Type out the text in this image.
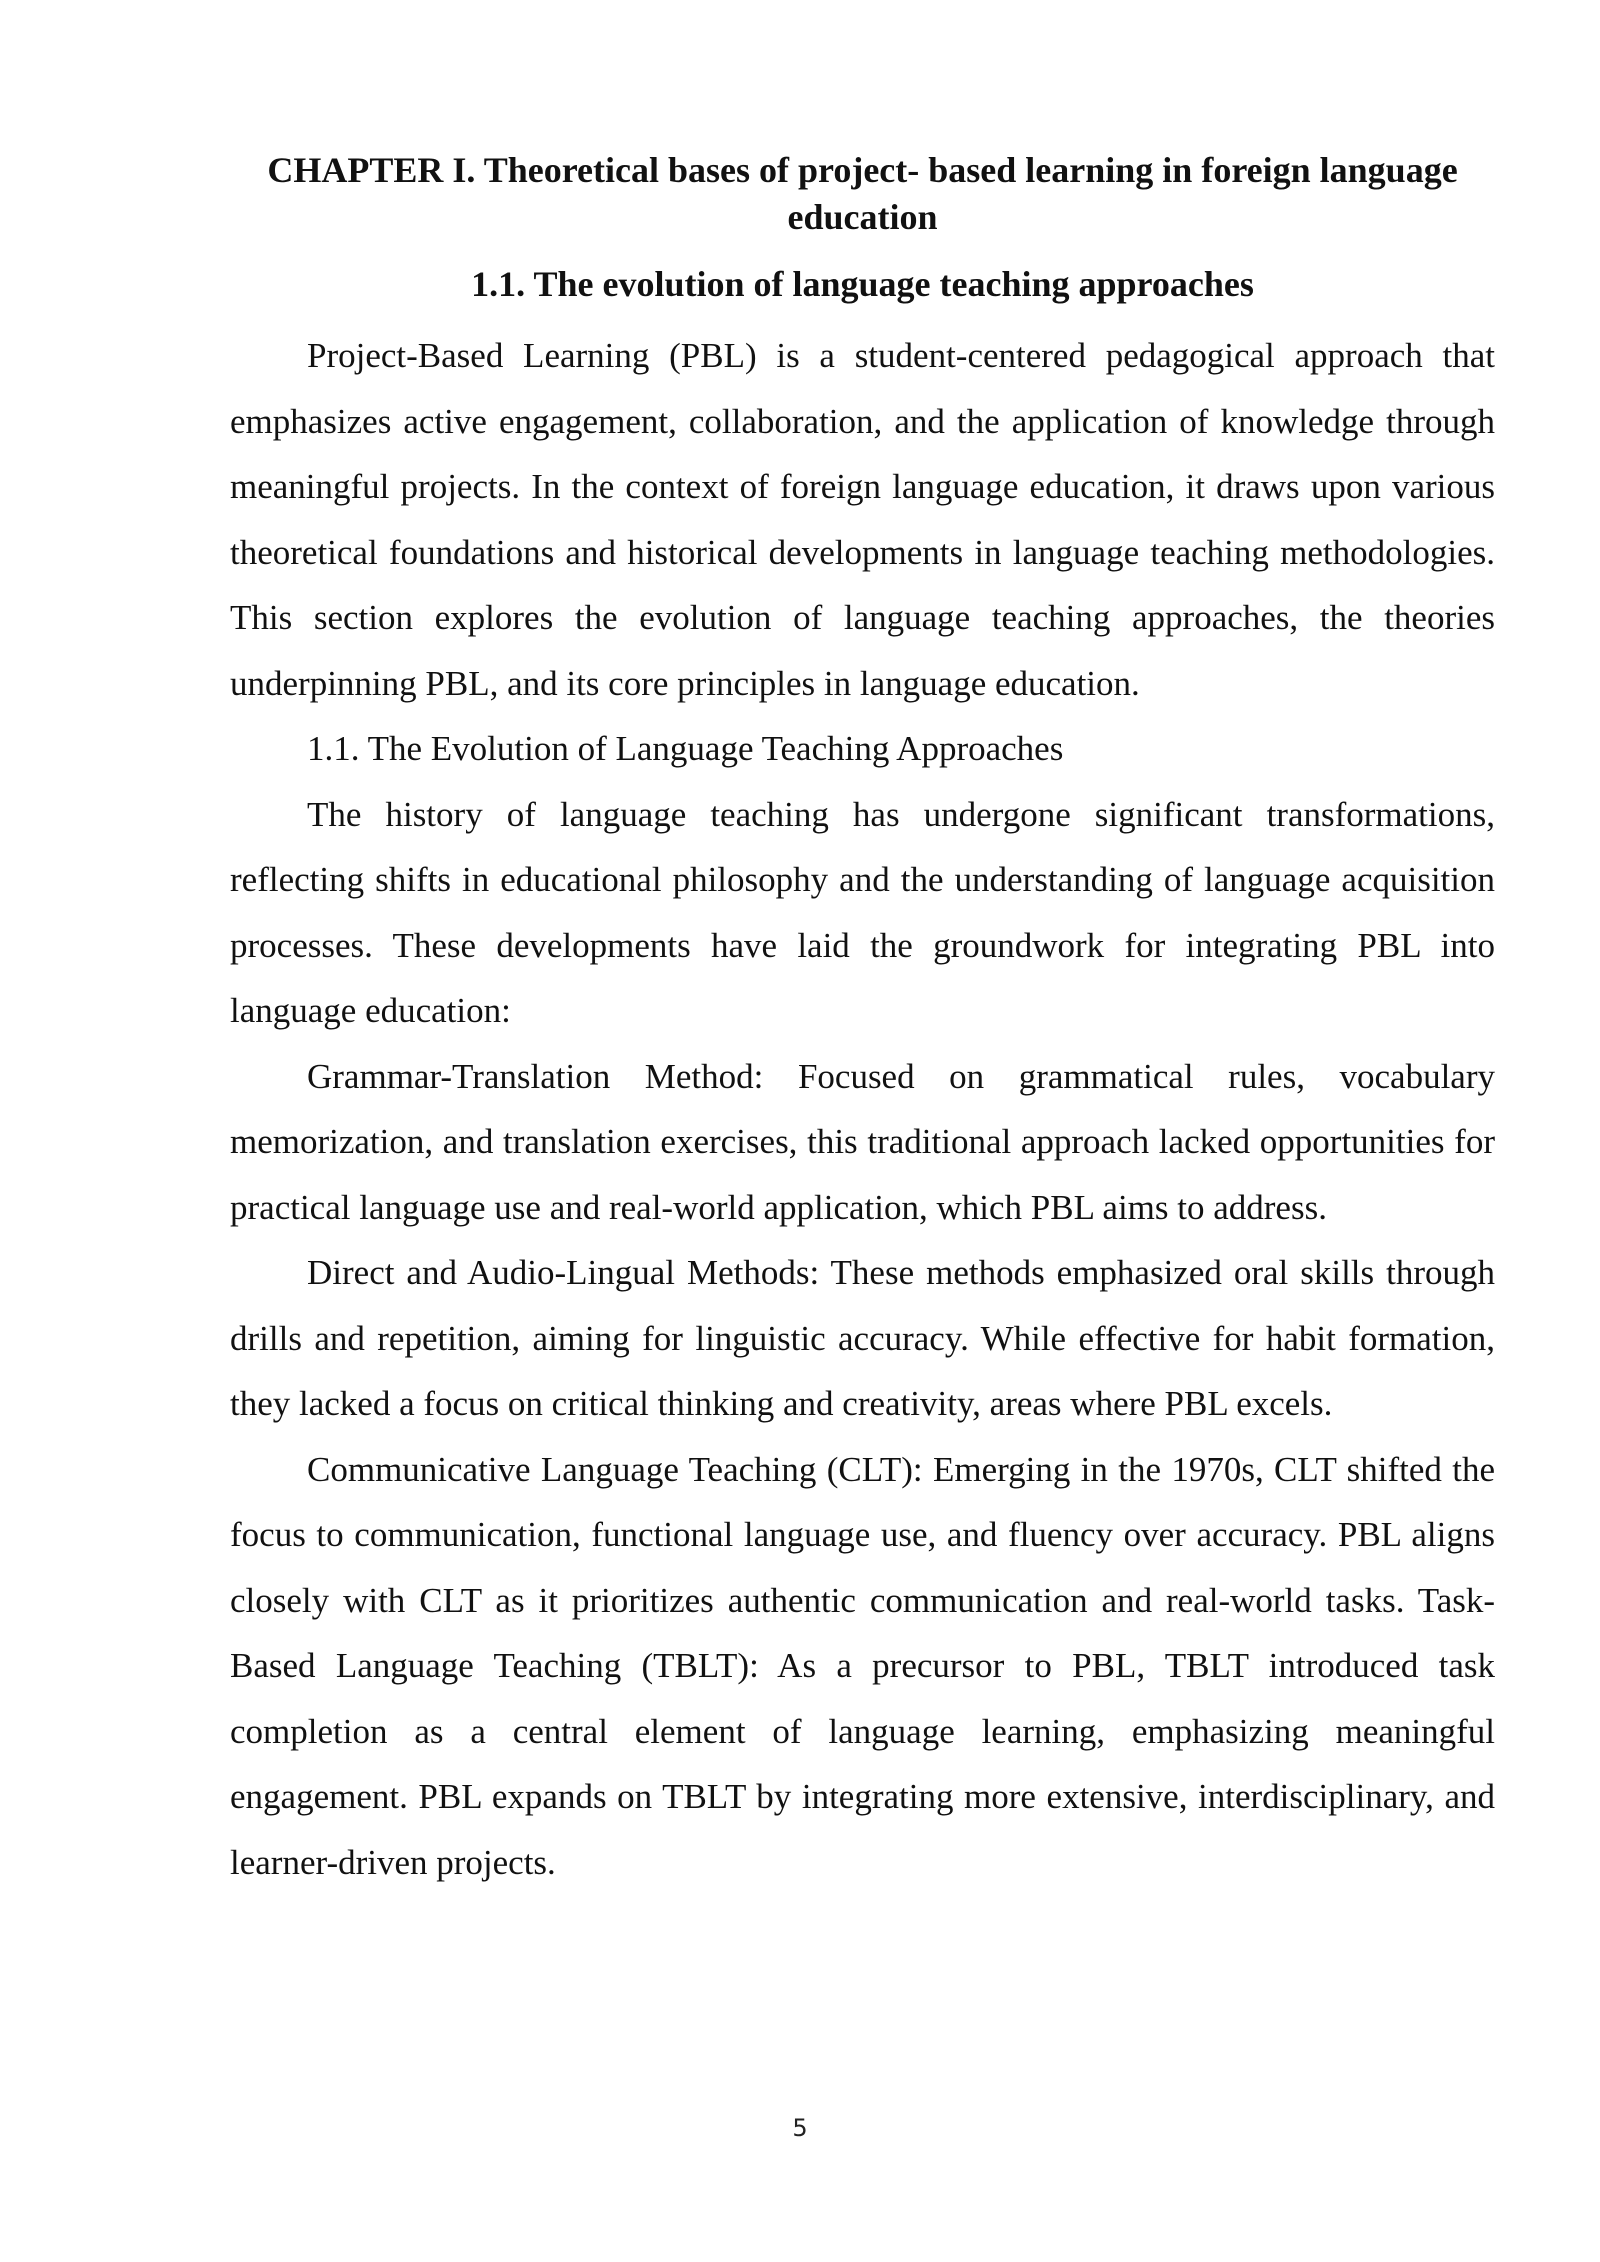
CHAPTER I. Theoretical bases of project- based learning in foreign language education
1.1. The evolution of language teaching approaches

Project-Based Learning (PBL) is a student-centered pedagogical approach that emphasizes active engagement, collaboration, and the application of knowledge through meaningful projects. In the context of foreign language education, it draws upon various theoretical foundations and historical developments in language teaching methodologies. This section explores the evolution of language teaching approaches, the theories underpinning PBL, and its core principles in language education.

1.1. The Evolution of Language Teaching Approaches

The history of language teaching has undergone significant transformations, reflecting shifts in educational philosophy and the understanding of language acquisition processes. These developments have laid the groundwork for integrating PBL into language education:

Grammar-Translation Method: Focused on grammatical rules, vocabulary memorization, and translation exercises, this traditional approach lacked opportunities for practical language use and real-world application, which PBL aims to address.

Direct and Audio-Lingual Methods: These methods emphasized oral skills through drills and repetition, aiming for linguistic accuracy. While effective for habit formation, they lacked a focus on critical thinking and creativity, areas where PBL excels.

Communicative Language Teaching (CLT): Emerging in the 1970s, CLT shifted the focus to communication, functional language use, and fluency over accuracy. PBL aligns closely with CLT as it prioritizes authentic communication and real-world tasks. Task-Based Language Teaching (TBLT): As a precursor to PBL, TBLT introduced task completion as a central element of language learning, emphasizing meaningful engagement. PBL expands on TBLT by integrating more extensive, interdisciplinary, and learner-driven projects.

5
